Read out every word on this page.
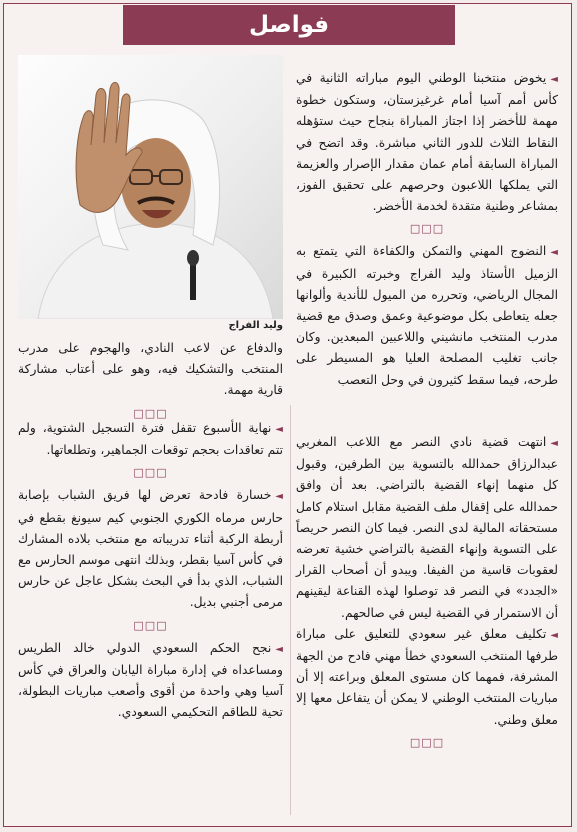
فواصل
وليد الفراج

◄يخوض منتخبنا الوطني اليوم مباراته الثانية في كأس أمم آسيا أمام غرغيزستان، وستكون خطوة مهمة للأخضر إذا اجتاز المباراة بنجاح حيث ستؤهله النقاط الثلاث للدور الثاني مباشرة. وقد اتضح في المباراة السابقة أمام عمان مقدار الإصرار والعزيمة التي يملكها اللاعبون وحرصهم على تحقيق الفوز، بمشاعر وطنية متقدة لخدمة الأخضر.

□□□

◄النضوج المهني والتمكن والكفاءة التي يتمتع به الزميل الأستاذ وليد الفراج وخبرته الكبيرة في المجال الرياضي، وتحرره من الميول للأندية وألوانها جعله يتعاطى بكل موضوعية وعمق وصدق مع قضية مدرب المنتخب مانشيني واللاعبين المبعدين. وكان جانب تغليب المصلحة العليا هو المسيطر على طرحه، فيما سقط كثيرون في وحل التعصب

والدفاع عن لاعب النادي، والهجوم على مدرب المنتخب والتشكيك فيه، وهو على أعتاب مشاركة قارية مهمة.

□□□

◄انتهت قضية نادي النصر مع اللاعب المغربي عبدالرزاق حمدالله بالتسوية بين الطرفين، وقبول كل منهما إنهاء القضية بالتراضي. بعد أن وافق حمدالله على إقفال ملف القضية مقابل استلام كامل مستحقاته المالية لدى النصر. فيما كان النصر حريصاً على التسوية وإنهاء القضية بالتراضي خشية تعرضه لعقوبات قاسية من الفيفا. ويبدو أن أصحاب القرار «الجدد» في النصر قد توصلوا لهذه القناعة ليقينهم أن الاستمرار في القضية ليس في صالحهم.

◄تكليف معلق غير سعودي للتعليق على مباراة طرفها المنتخب السعودي خطأ مهني فادح من الجهة المشرفة، فمهما كان مستوى المعلق وبراعته إلا أن مباريات المنتخب الوطني لا يمكن أن يتفاعل معها إلا معلق وطني.

□□□

◄نهاية الأسبوع تقفل فترة التسجيل الشتوية، ولم تتم تعاقدات بحجم توقعات الجماهير، وتطلعاتها.

□□□

◄خسارة فادحة تعرض لها فريق الشباب بإصابة حارس مرماه الكوري الجنوبي كيم سيونغ بقطع في أربطة الركبة أثناء تدريباته مع منتخب بلاده المشارك في كأس آسيا بقطر، وبذلك انتهى موسم الحارس مع الشباب، الذي بدأ في البحث بشكل عاجل عن حارس مرمى أجنبي بديل.

□□□

◄نجح الحكم السعودي الدولي خالد الطريس ومساعداه في إدارة مباراة اليابان والعراق في كأس آسيا وهي واحدة من أقوى وأصعب مباريات البطولة، تحية للطاقم التحكيمي السعودي.
